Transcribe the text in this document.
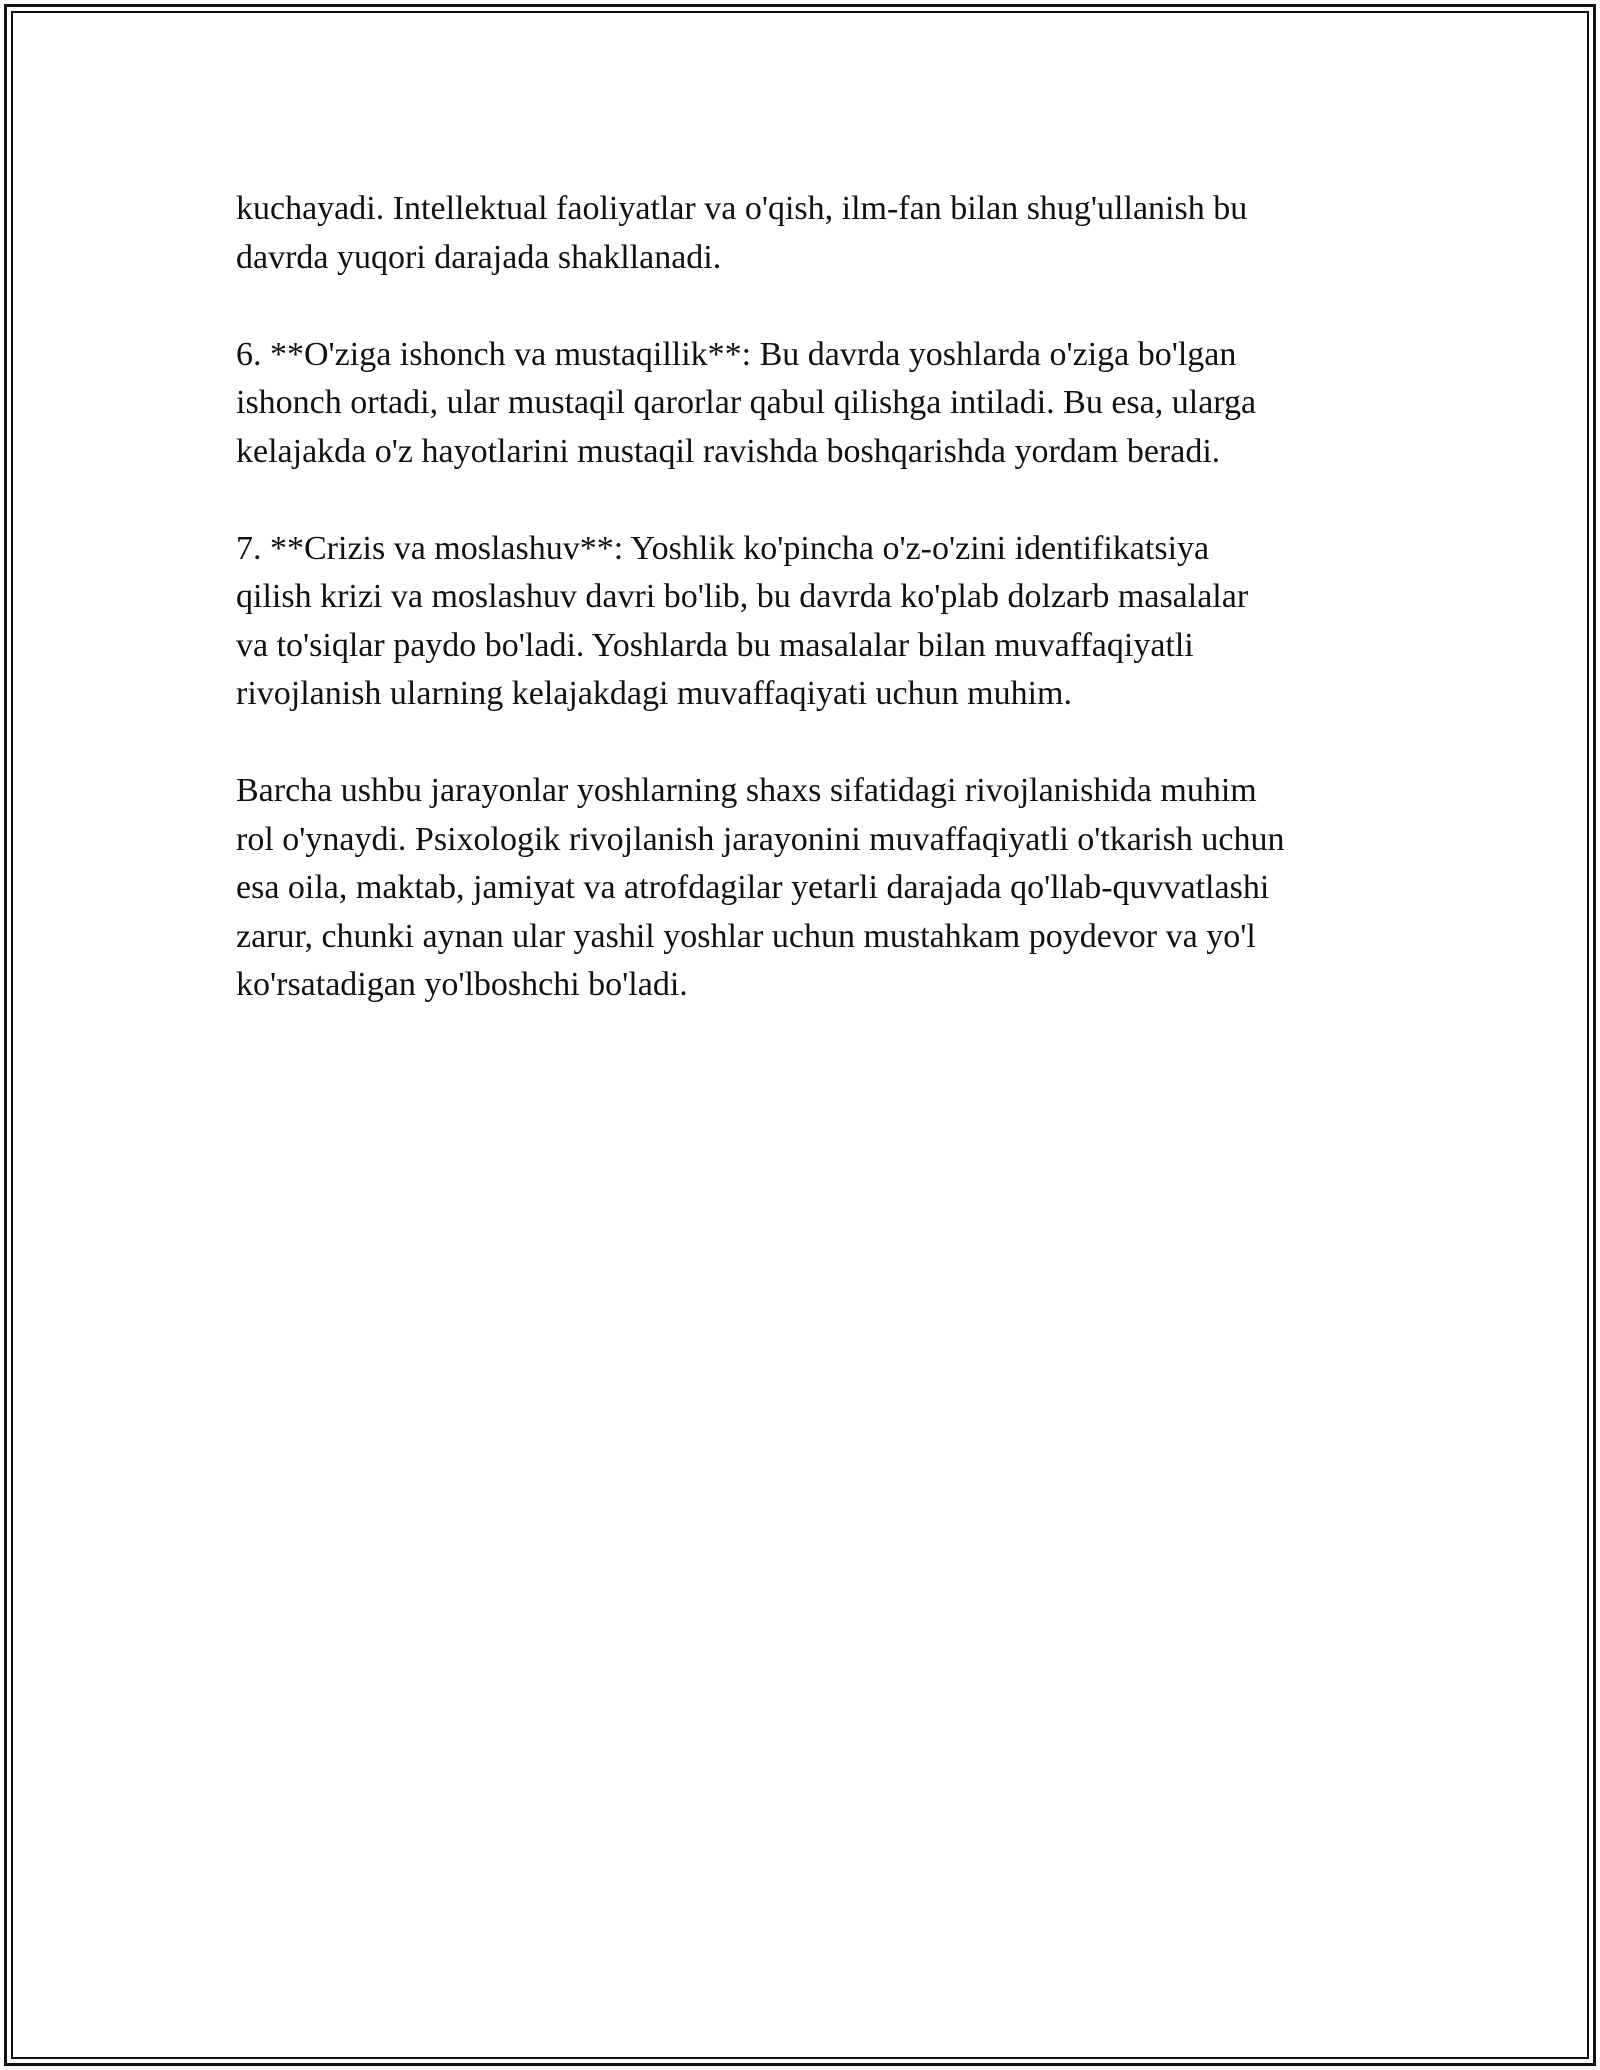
kuchayadi. Intellektual faoliyatlar va o'qish, ilm-fan bilan shug'ullanish bu
davrda yuqori darajada shakllanadi.

6. **O'ziga ishonch va mustaqillik**: Bu davrda yoshlarda o'ziga bo'lgan
ishonch ortadi, ular mustaqil qarorlar qabul qilishga intiladi. Bu esa, ularga
kelajakda o'z hayotlarini mustaqil ravishda boshqarishda yordam beradi.

7. **Crizis va moslashuv**: Yoshlik ko'pincha o'z-o'zini identifikatsiya
qilish krizi va moslashuv davri bo'lib, bu davrda ko'plab dolzarb masalalar
va to'siqlar paydo bo'ladi. Yoshlarda bu masalalar bilan muvaffaqiyatli
rivojlanish ularning kelajakdagi muvaffaqiyati uchun muhim.

Barcha ushbu jarayonlar yoshlarning shaxs sifatidagi rivojlanishida muhim
rol o'ynaydi. Psixologik rivojlanish jarayonini muvaffaqiyatli o'tkarish uchun
esa oila, maktab, jamiyat va atrofdagilar yetarli darajada qo'llab-quvvatlashi
zarur, chunki aynan ular yashil yoshlar uchun mustahkam poydevor va yo'l
ko'rsatadigan yo'lboshchi bo'ladi.
